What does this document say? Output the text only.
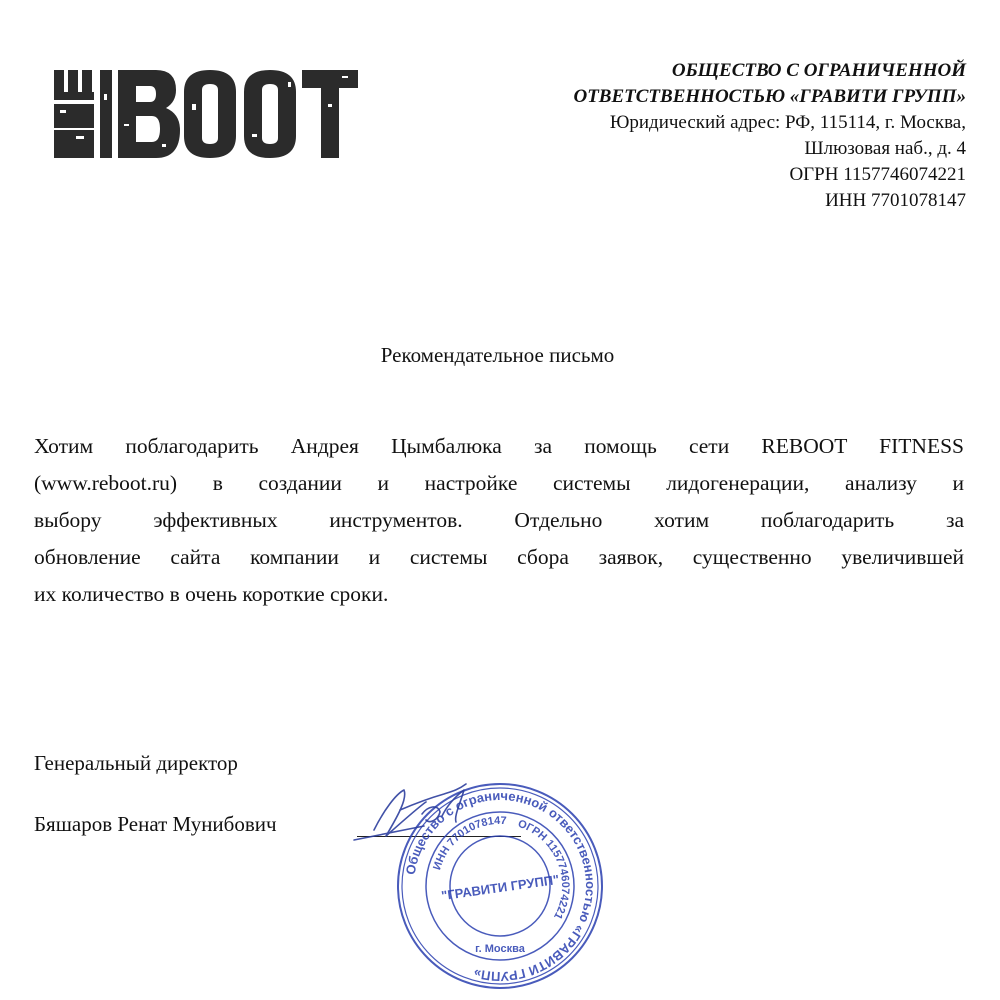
ОБЩЕСТВО С ОГРАНИЧЕННОЙ

ОТВЕТСТВЕННОСТЬЮ «ГРАВИТИ ГРУПП»

Юридический адрес: РФ, 115114, г. Москва,

Шлюзовая наб., д. 4

ОГРН 1157746074221

ИНН 7701078147

Рекомендательное письмо

Хотим поблагодарить Андрея Цымбалюка за помощь сети REBOOT FITNESS
(www.reboot.ru) в создании и настройке системы лидогенерации, анализу и
выбору эффективных инструментов. Отдельно хотим поблагодарить за
обновление сайта компании и системы сбора заявок, существенно увеличившей
их количество в очень короткие сроки.

Генеральный директор

Бяшаров Ренат Мунибович

Общество с ограниченной ответственностью «ГРАВИТИ ГРУПП»
ИНН 7701078147 ОГРН 1157746074221
"ГРАВИТИ ГРУПП"
г. Москва
